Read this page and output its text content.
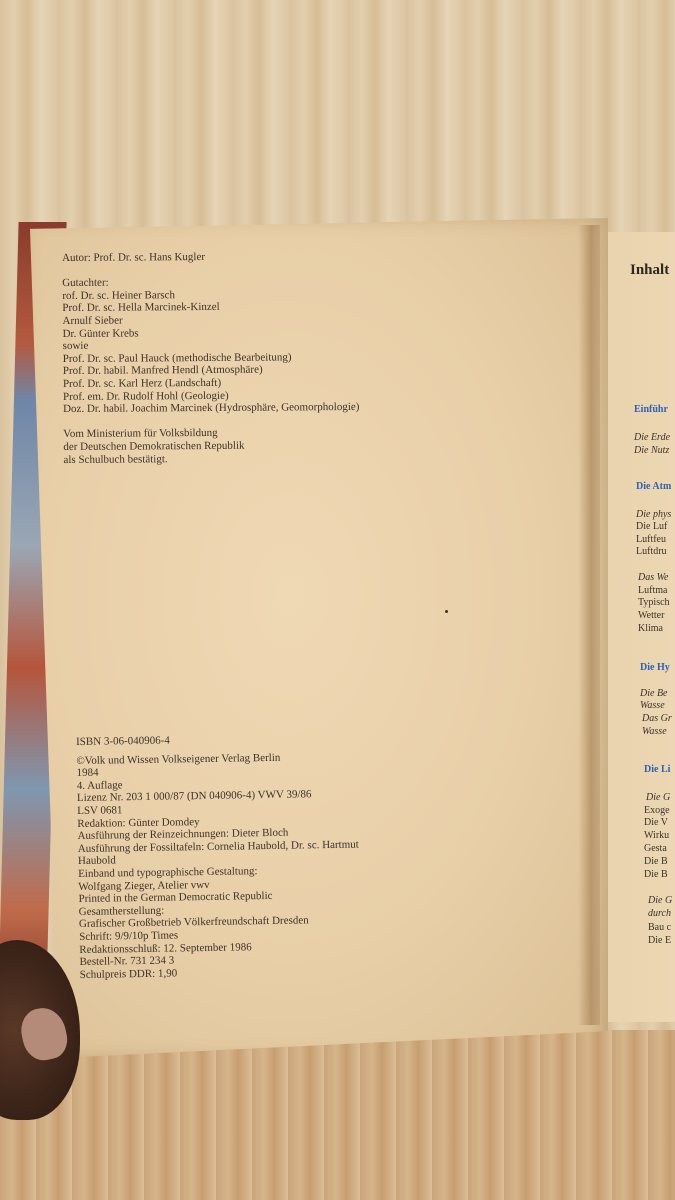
Autor: Prof. Dr. sc. Hans Kugler
Gutachter:
rof. Dr. sc. Heiner Barsch
Prof. Dr. sc. Hella Marcinek-Kinzel
Arnulf Sieber
Dr. Günter Krebs
sowie
Prof. Dr. sc. Paul Hauck (methodische Bearbeitung)
Prof. Dr. habil. Manfred Hendl (Atmosphäre)
Prof. Dr. sc. Karl Herz (Landschaft)
Prof. em. Dr. Rudolf Hohl (Geologie)
Doz. Dr. habil. Joachim Marcinek (Hydrosphäre, Geomorphologie)
Vom Ministerium für Volksbildung
der Deutschen Demokratischen Republik
als Schulbuch bestätigt.
ISBN 3-06-040906-4
©Volk und Wissen Volkseigener Verlag Berlin
1984
4. Auflage
Lizenz Nr. 203 1 000/87 (DN 040906-4) VWV 39/86
LSV 0681
Redaktion: Günter Domdey
Ausführung der Reinzeichnungen: Dieter Bloch
Ausführung der Fossiltafeln: Cornelia Haubold, Dr. sc. Hartmut
Haubold
Einband und typographische Gestaltung:
Wolfgang Zieger, Atelier vwv
Printed in the German Democratic Republic
Gesamtherstellung:
Grafischer Großbetrieb Völkerfreundschaft Dresden
Schrift: 9/9/10p Times
Redaktionsschluß: 12. September 1986
Bestell-Nr. 731 234 3
Schulpreis DDR: 1,90
Inhalt
Einführ
Die Erde
Die Nutz
Die Atm
Die phys
Die Luf
Luftfeu
Luftdru
Das We
Luftma
Typisch
Wetter
Klima
Die Hy
Die Be
Wasse
Das Gr
Wasse
Die Li
Die G
Exoge
Die V
Wirku
Gesta
Die B
Die B
Die G
durch
Bau c
Die E
